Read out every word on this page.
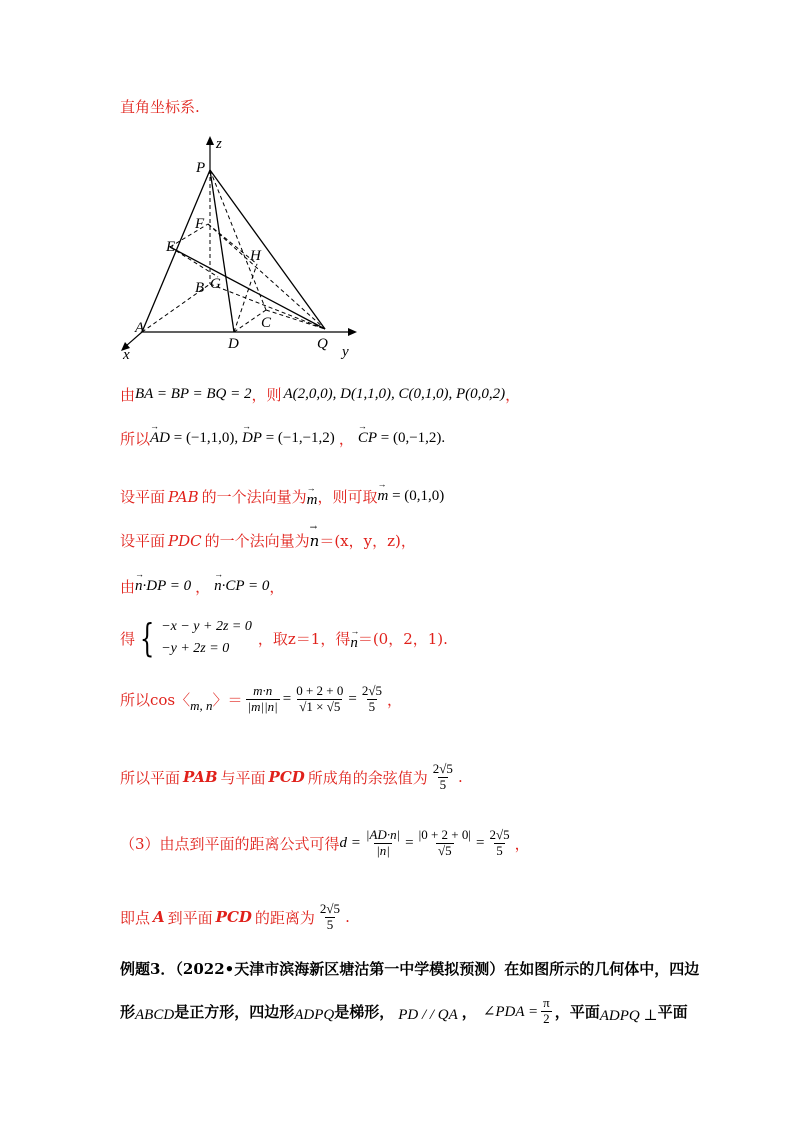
直角坐标系.
z
P
F
E
H
G
B
C
A
D	Q
x	y
由 BA = BP = BQ = 2 ，则 A(2,0,0), D(1,1,0), C(0,1,0), P(0,0,2) ，
所以 → AD = (−1,1,0), → DP = (−1,−1,2) ， → CP = (0,−1,2).
设平面 PAB 的一个法向量为 → m ，则可取 → m = (0,1,0)
设平面 PDC 的一个法向量为 → n ＝(x，y，z)，
由 → n·DP = 0 ， → n·CP = 0 ，
得 { −x − y + 2z = 0
−y + 2z = 0
，取z＝1，得 → n ＝(0，2，1).
所以cos〈 m, n 〉＝ $\frac{m\cdot n}{|m||n|} = \frac{0 + 2 + 0}{√1 \times √5} = \frac{2√5}{5}$ ，
所以平面 PAB 与平面 PCD 所成角的余弦值为 $\frac{2√5}{5}$ .
（3）由点到平面的距离公式可得 $d = \frac{|AD\cdot n|}{|n|} = \frac{|0 + 2 + 0|}{√5} = \frac{2√5}{5}$ ，
即点 A 到平面 PCD 的距离为 $\frac{2√5}{5}$ .
例题3．（2022•天津市滨海新区塘沽第一中学模拟预测）在如图所示的几何体中，四边
形 ABCD 是正方形，四边形 ADPQ 是梯形， PD / / QA ， ∠PDA = $\frac{\pi}{2}$ ，平面 ADPQ ⊥ 平面
